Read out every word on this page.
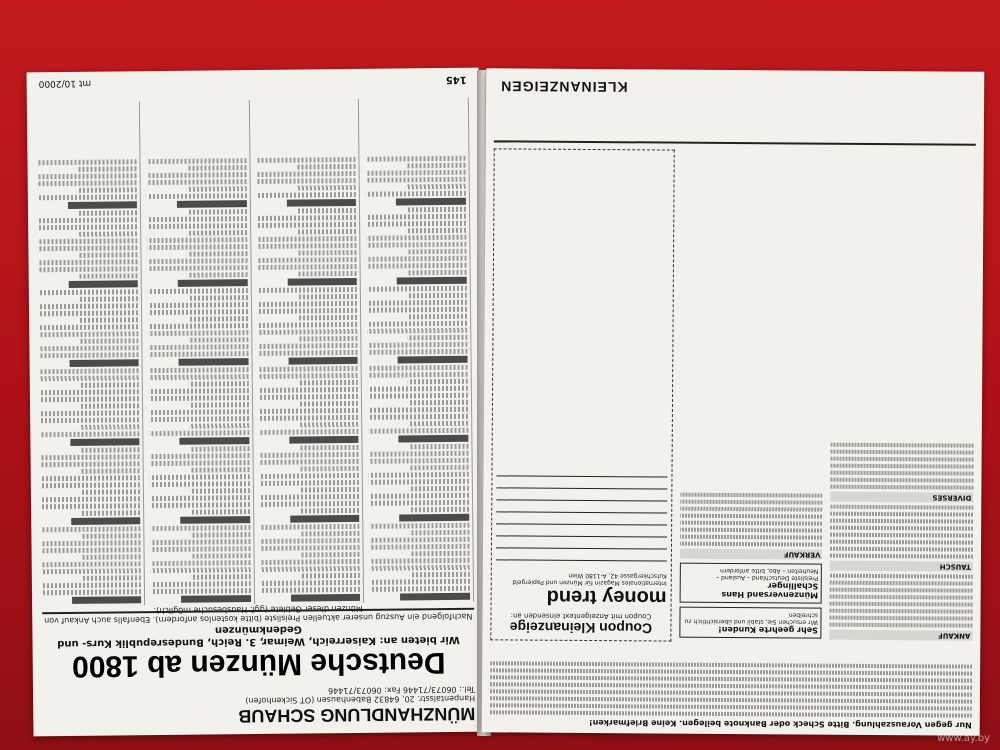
MÜNZHANDLUNG SCHAUB
Hanpentalsstr. 20, 64832 Babenhausen (OT Sickenhofen)
Tel.: 06073/71446 Fax: 06073/71446
Deutsche Münzen ab 1800
Wir bieten an: Kaiserreich, Weimar, 3. Reich, Bundesrepublik Kurs- und Gedenkmünzen
Nachfolgend ein Auszug unserer aktuellen Preisliste (bitte kostenlos anfordern). Ebenfalls auch Ankauf von Münzen dieser Gebiete (ggf. Hausbesuche möglich).
145
mt 10/2000
Nur gegen Vorauszahlung. Bitte Scheck oder Banknote beilegen. Keine Briefmarken!
ANKAUF
TAUSCH
DIVERSES
Sehr geehrte Kunden!
Wir ersuchen Sie, stabil und übersichtlich zu schreiben
Münzenversand Hans Schallinger
Preisliste Deutschland – Ausland – Neuheiten – Abo, bitte anfordern
VERKAUF
Coupon Kleinanzeige
Coupon mit Anzeigentext einsenden an:
money trend
Internationales Magazin für Münzen und Papiergeld
Kutschkergasse 42, A-1180 Wien
KLEINANZEIGEN
www.ay.by
